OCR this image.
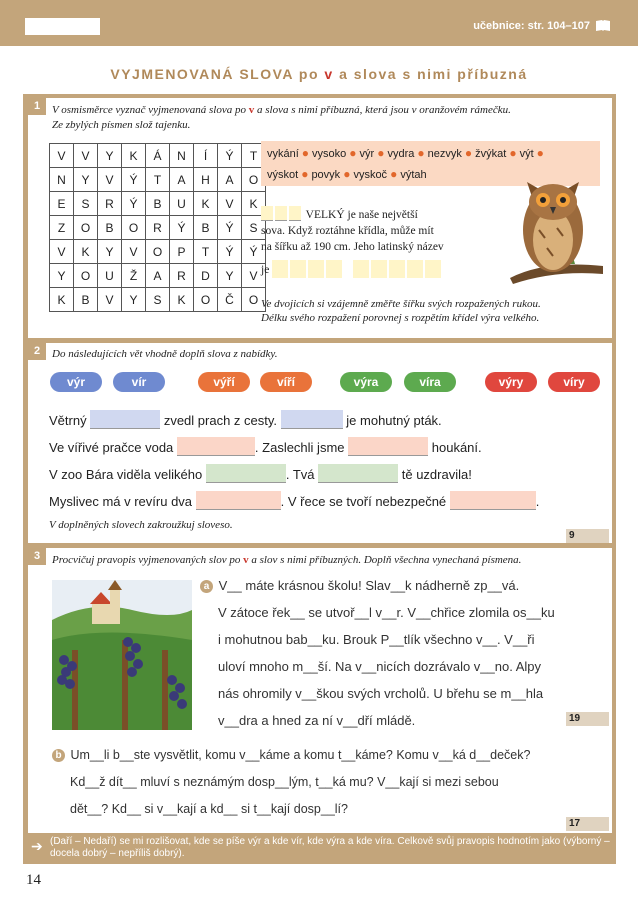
učebnice: str. 104–107
VYJMENOVANÁ SLOVA po v a slova s nimi příbuzná
1	V osmisměrce vyznač vyjmenovaná slova po v a slova s nimi příbuzná, která jsou v oranžovém rámečku.
Ze zbylých písmen slož tajenku.
V	V	Y	K	Á	N	Í	Ý	T
N	Y	V	Ý	T	A	H	A	O
E	S	R	Ý	B	U	K	V	K
Z	O	B	O	R	Ý	B	Ý	S
V	K	Y	V	O	P	T	Ý	Ý
Y	O	U	Ž	A	R	D	Y	V
K	B	V	Y	S	K	O	Č	O
vykání ● vysoko ● výr ● vydra ● nezvyk ● žvýkat ● výt ●
výskot ● povyk ● vyskoč ● výtah
VELKÝ je naše největší
sova. Když roztáhne křídla, může mít
na šířku až 190 cm. Jeho latinský název
je
Ve dvojicích si vzájemně změřte šířku svých rozpažených rukou.
Délku svého rozpažení porovnej s rozpětím křídel výra velkého.
2	Do následujících vět vhodně doplň slova z nabídky.
výr	vír	výří	víří	výra	víra	výry	víry
Větrný	zvedl prach z cesty.	je mohutný pták.
Ve vířivé pračce voda	. Zaslechli jsme	houkání.
V zoo Bára viděla velikého	. Tvá	tě uzdravila!
Myslivec má v revíru dva	. V řece se tvoří nebezpečné	.
V doplněných slovech zakroužkuj sloveso.
9
3	Procvičuj pravopis vyjmenovaných slov po v a slov s nimi příbuzných. Doplň všechna vynechaná písmena.
a V__ máte krásnou školu! Slav__k nádherně zp__vá.
V zátoce řek__ se utvoř__l v__r. V__chřice zlomila os__ku
i mohutnou bab__ku. Brouk P__tlík všechno v__. V__ři
uloví mnoho m__ší. Na v__nicích dozrávalo v__no. Alpy
nás ohromily v__škou svých vrcholů. U břehu se m__hla
v__dra a hned za ní v__dří mládě.	19
b Um__li b__ste vysvětlit, komu v__káme a komu t__káme? Komu v__ká d__deček?
Kd__ž dít__ mluví s neznámým dosp__lým, t__ká mu? V__kají si mezi sebou
dět__? Kd__ si v__kají a kd__ si t__kají dosp__lí?
17
➔ (Daří – Nedaří) se mi rozlišovat, kde se píše výr a kde vír, kde výra a kde víra. Celkově svůj pravopis hodnotím jako (výborný – docela dobrý – nepříliš dobrý).
14
